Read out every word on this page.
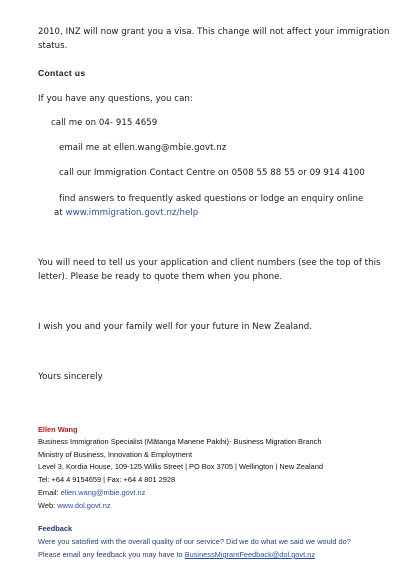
2010, INZ will now grant you a visa. This change will not affect your immigration
status.
Contact us
If you have any questions, you can:
call me on 04- 915 4659
email me at ellen.wang@mbie.govt.nz
call our Immigration Contact Centre on 0508 55 88 55 or 09 914 4100
find answers to frequently asked questions or lodge an enquiry online
at www.immigration.govt.nz/help
You will need to tell us your application and client numbers (see the top of this
letter). Please be ready to quote them when you phone.
I wish you and your family well for your future in New Zealand.
Yours sincerely
Ellen Wang
Business Immigration Specialist (Mātanga Manene Pakihi)- Business Migration Branch
Ministry of Business, Innovation & Employment
Level 3, Kordia House, 109-125 Willis Street | PO Box 3705 | Wellington | New Zealand
Tel: +64 4 9154659 | Fax: +64 4 801 2928
Email: ellen.wang@mbie.govt.nz
Web: www.dol.govt.nz
Feedback
Were you satisfied with the overall quality of our service? Did we do what we said we would do?
Please email any feedback you may have to BusinessMigrantFeedback@dol.govt.nz
